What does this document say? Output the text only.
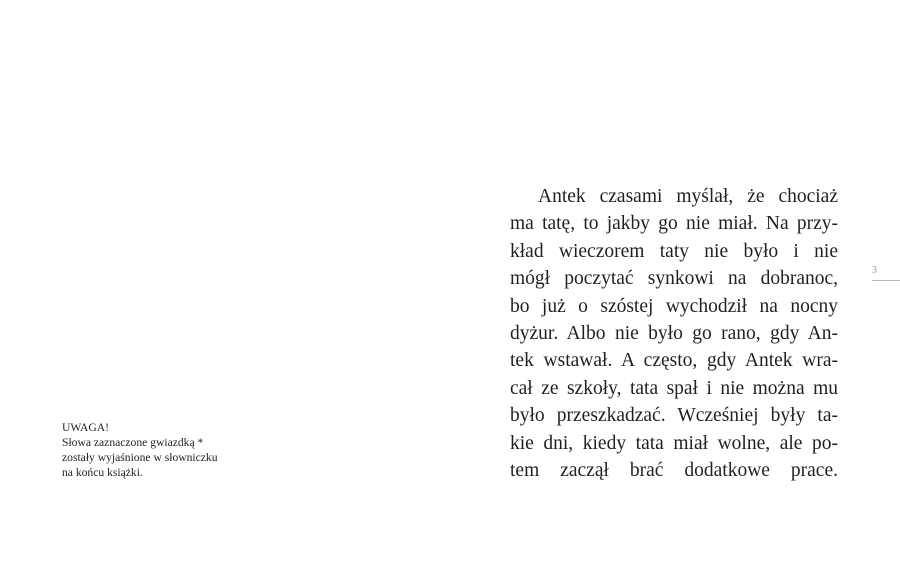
UWAGA!
Słowa zaznaczone gwiazdką *
zostały wyjaśnione w słowniczku
na końcu książki.
Antek czasami myślał, że chociaż
ma tatę, to jakby go nie miał. Na przy-
kład wieczorem taty nie było i nie
mógł poczytać synkowi na dobranoc,
bo już o szóstej wychodził na nocny
dyżur. Albo nie było go rano, gdy An-
tek wstawał. A często, gdy Antek wra-
cał ze szkoły, tata spał i nie można mu
było przeszkadzać. Wcześniej były ta-
kie dni, kiedy tata miał wolne, ale po-
tem zaczął brać dodatkowe prace.
3
